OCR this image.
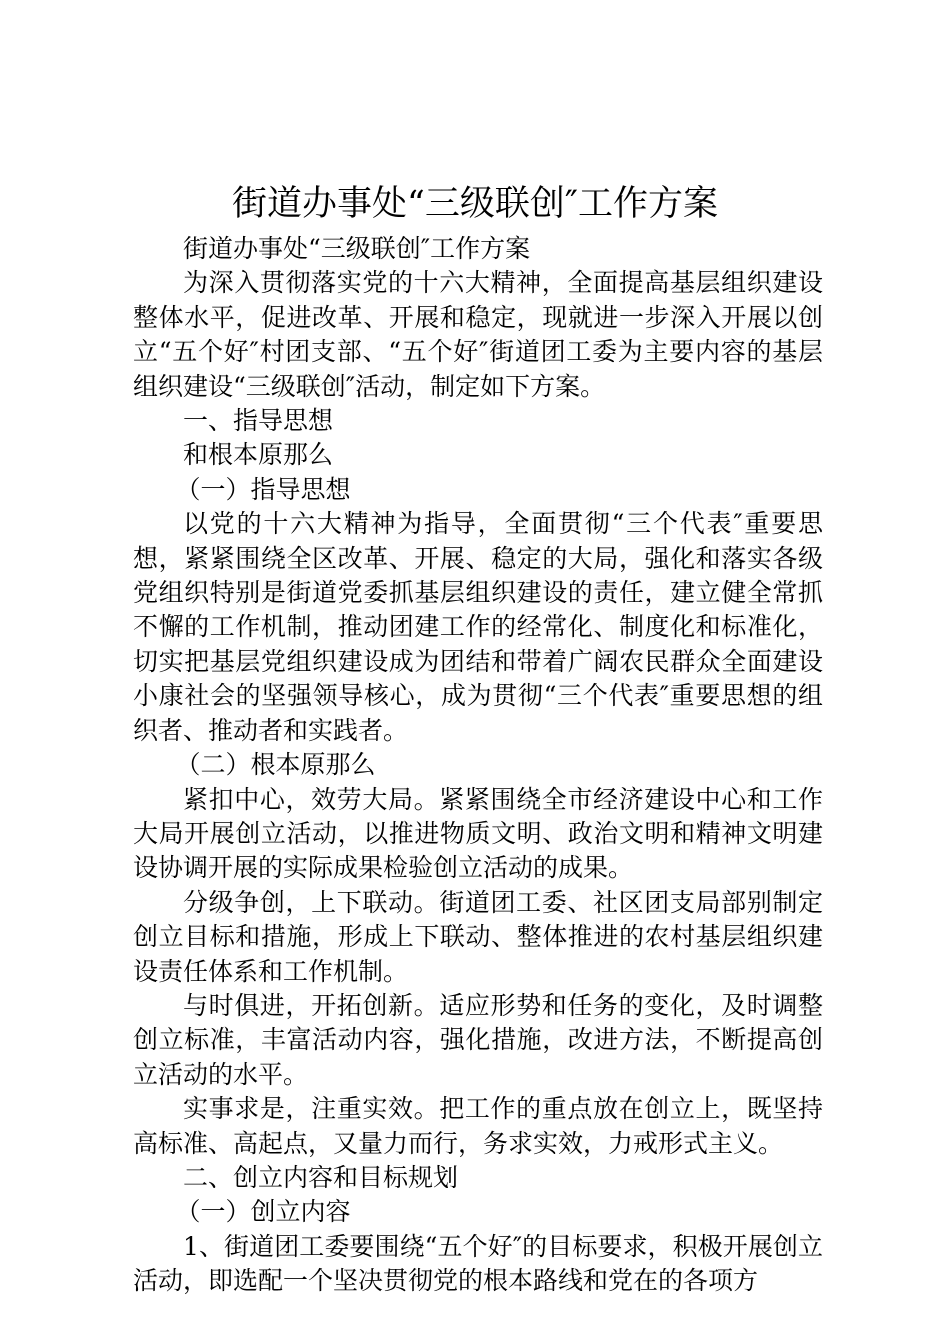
街道办事处“三级联创″工作方案

街道办事处“三级联创″工作方案

为深入贯彻落实党的十六大精神，全面提高基层组织建设整体水平，促进改革、开展和稳定，现就进一步深入开展以创立“五个好″村团支部、“五个好″街道团工委为主要内容的基层组织建设“三级联创″活动，制定如下方案。

一、指导思想

和根本原那么

（一）指导思想

以党的十六大精神为指导，全面贯彻“三个代表″重要思想，紧紧围绕全区改革、开展、稳定的大局，强化和落实各级党组织特别是街道党委抓基层组织建设的责任，建立健全常抓不懈的工作机制，推动团建工作的经常化、制度化和标准化，切实把基层党组织建设成为团结和带着广阔农民群众全面建设小康社会的坚强领导核心，成为贯彻“三个代表″重要思想的组织者、推动者和实践者。

（二）根本原那么

紧扣中心，效劳大局。紧紧围绕全市经济建设中心和工作大局开展创立活动，以推进物质文明、政治文明和精神文明建设协调开展的实际成果检验创立活动的成果。

分级争创，上下联动。街道团工委、社区团支局部别制定创立目标和措施，形成上下联动、整体推进的农村基层组织建设责任体系和工作机制。

与时俱进，开拓创新。适应形势和任务的变化，及时调整创立标准，丰富活动内容，强化措施，改进方法，不断提高创立活动的水平。

实事求是，注重实效。把工作的重点放在创立上，既坚持高标准、高起点，又量力而行，务求实效，力戒形式主义。

二、创立内容和目标规划

（一）创立内容

1、街道团工委要围绕“五个好″的目标要求，积极开展创立活动，即选配一个坚决贯彻党的根本路线和党在的各项方
